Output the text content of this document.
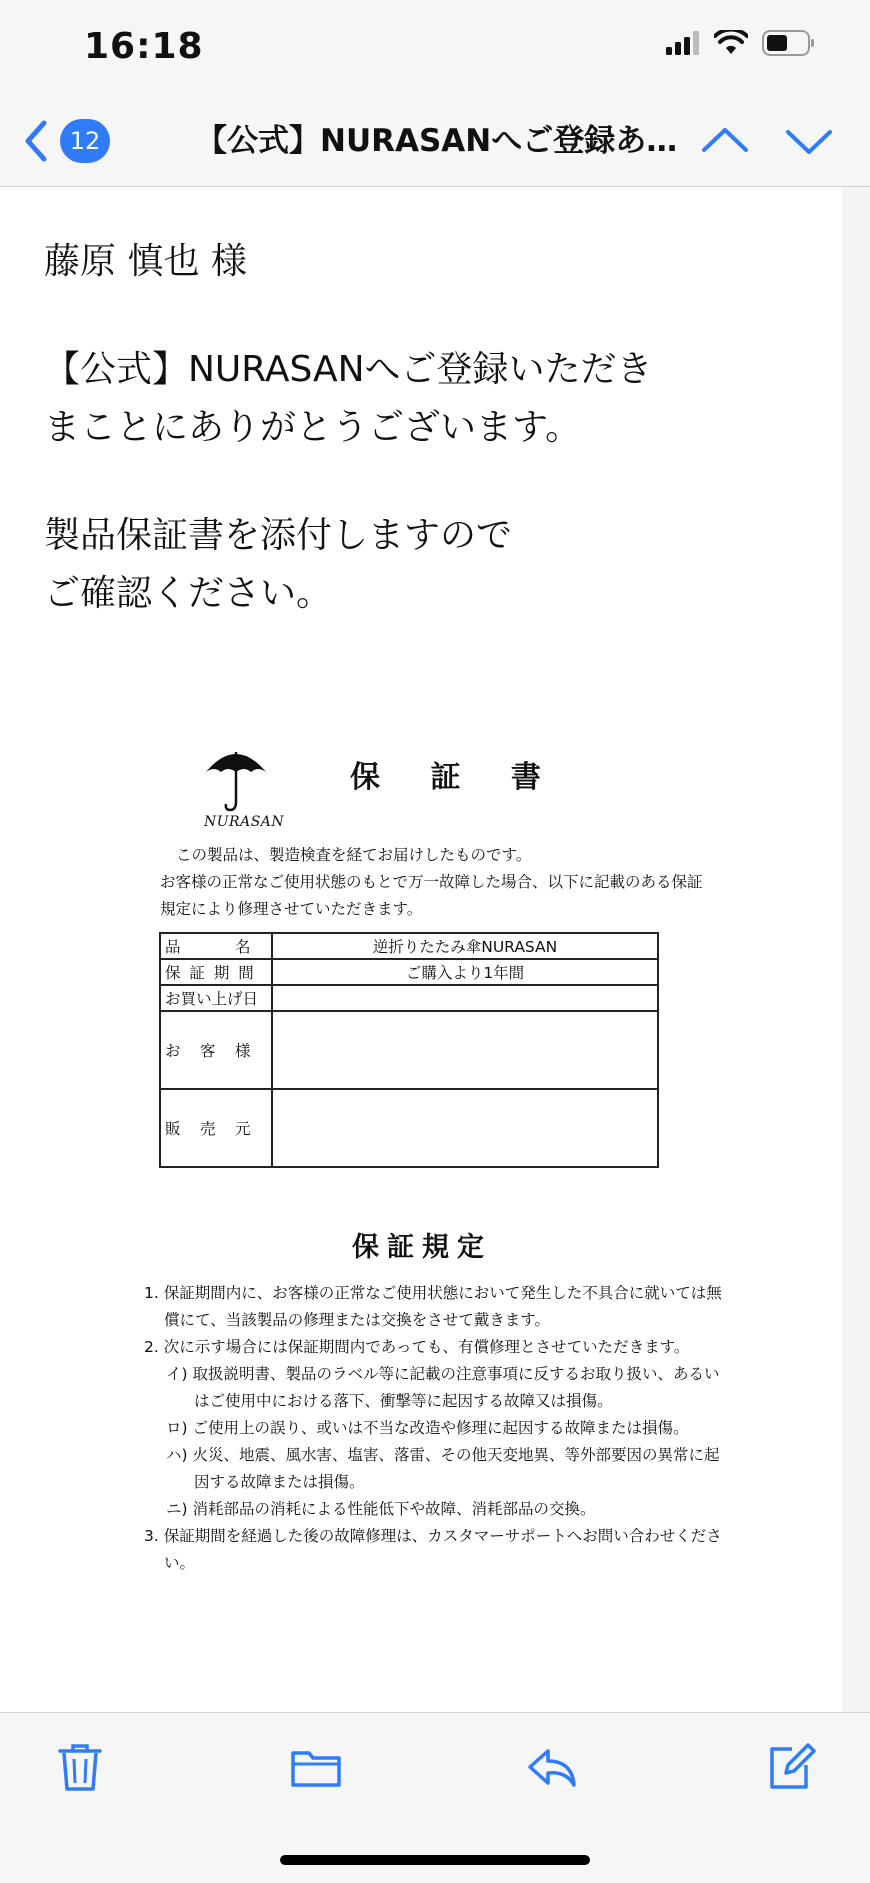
16:18
12	【公式】NURASANへご登録あ…
藤原 慎也 様
【公式】NURASANへご登録いただき
まことにありがとうございます。
製品保証書を添付しますので
ご確認ください。
NURASAN
保 証 書
この製品は、製造検査を経てお届けしたものです。
お客様の正常なご使用状態のもとで万一故障した場合、以下に記載のある保証
規定により修理させていただきます。
品　　　名	逆折りたたみ傘NURASAN
保 証 期 間	ご購入より1年間
お買い上げ日	
お　客　様	
販　売　元	
保証規定
1. 保証期間内に、お客様の正常なご使用状態において発生した不具合に就いては無償にて、当該製品の修理または交換をさせて戴きます。
2. 次に示す場合には保証期間内であっても、有償修理とさせていただきます。
イ) 取扱説明書、製品のラベル等に記載の注意事項に反するお取り扱い、あるいはご使用中における落下、衝撃等に起因する故障又は損傷。
ロ) ご使用上の誤り、或いは不当な改造や修理に起因する故障または損傷。
ハ) 火災、地震、風水害、塩害、落雷、その他天変地異、等外部要因の異常に起因する故障または損傷。
ニ) 消耗部品の消耗による性能低下や故障、消耗部品の交換。
3. 保証期間を経過した後の故障修理は、カスタマーサポートへお問い合わせください。
